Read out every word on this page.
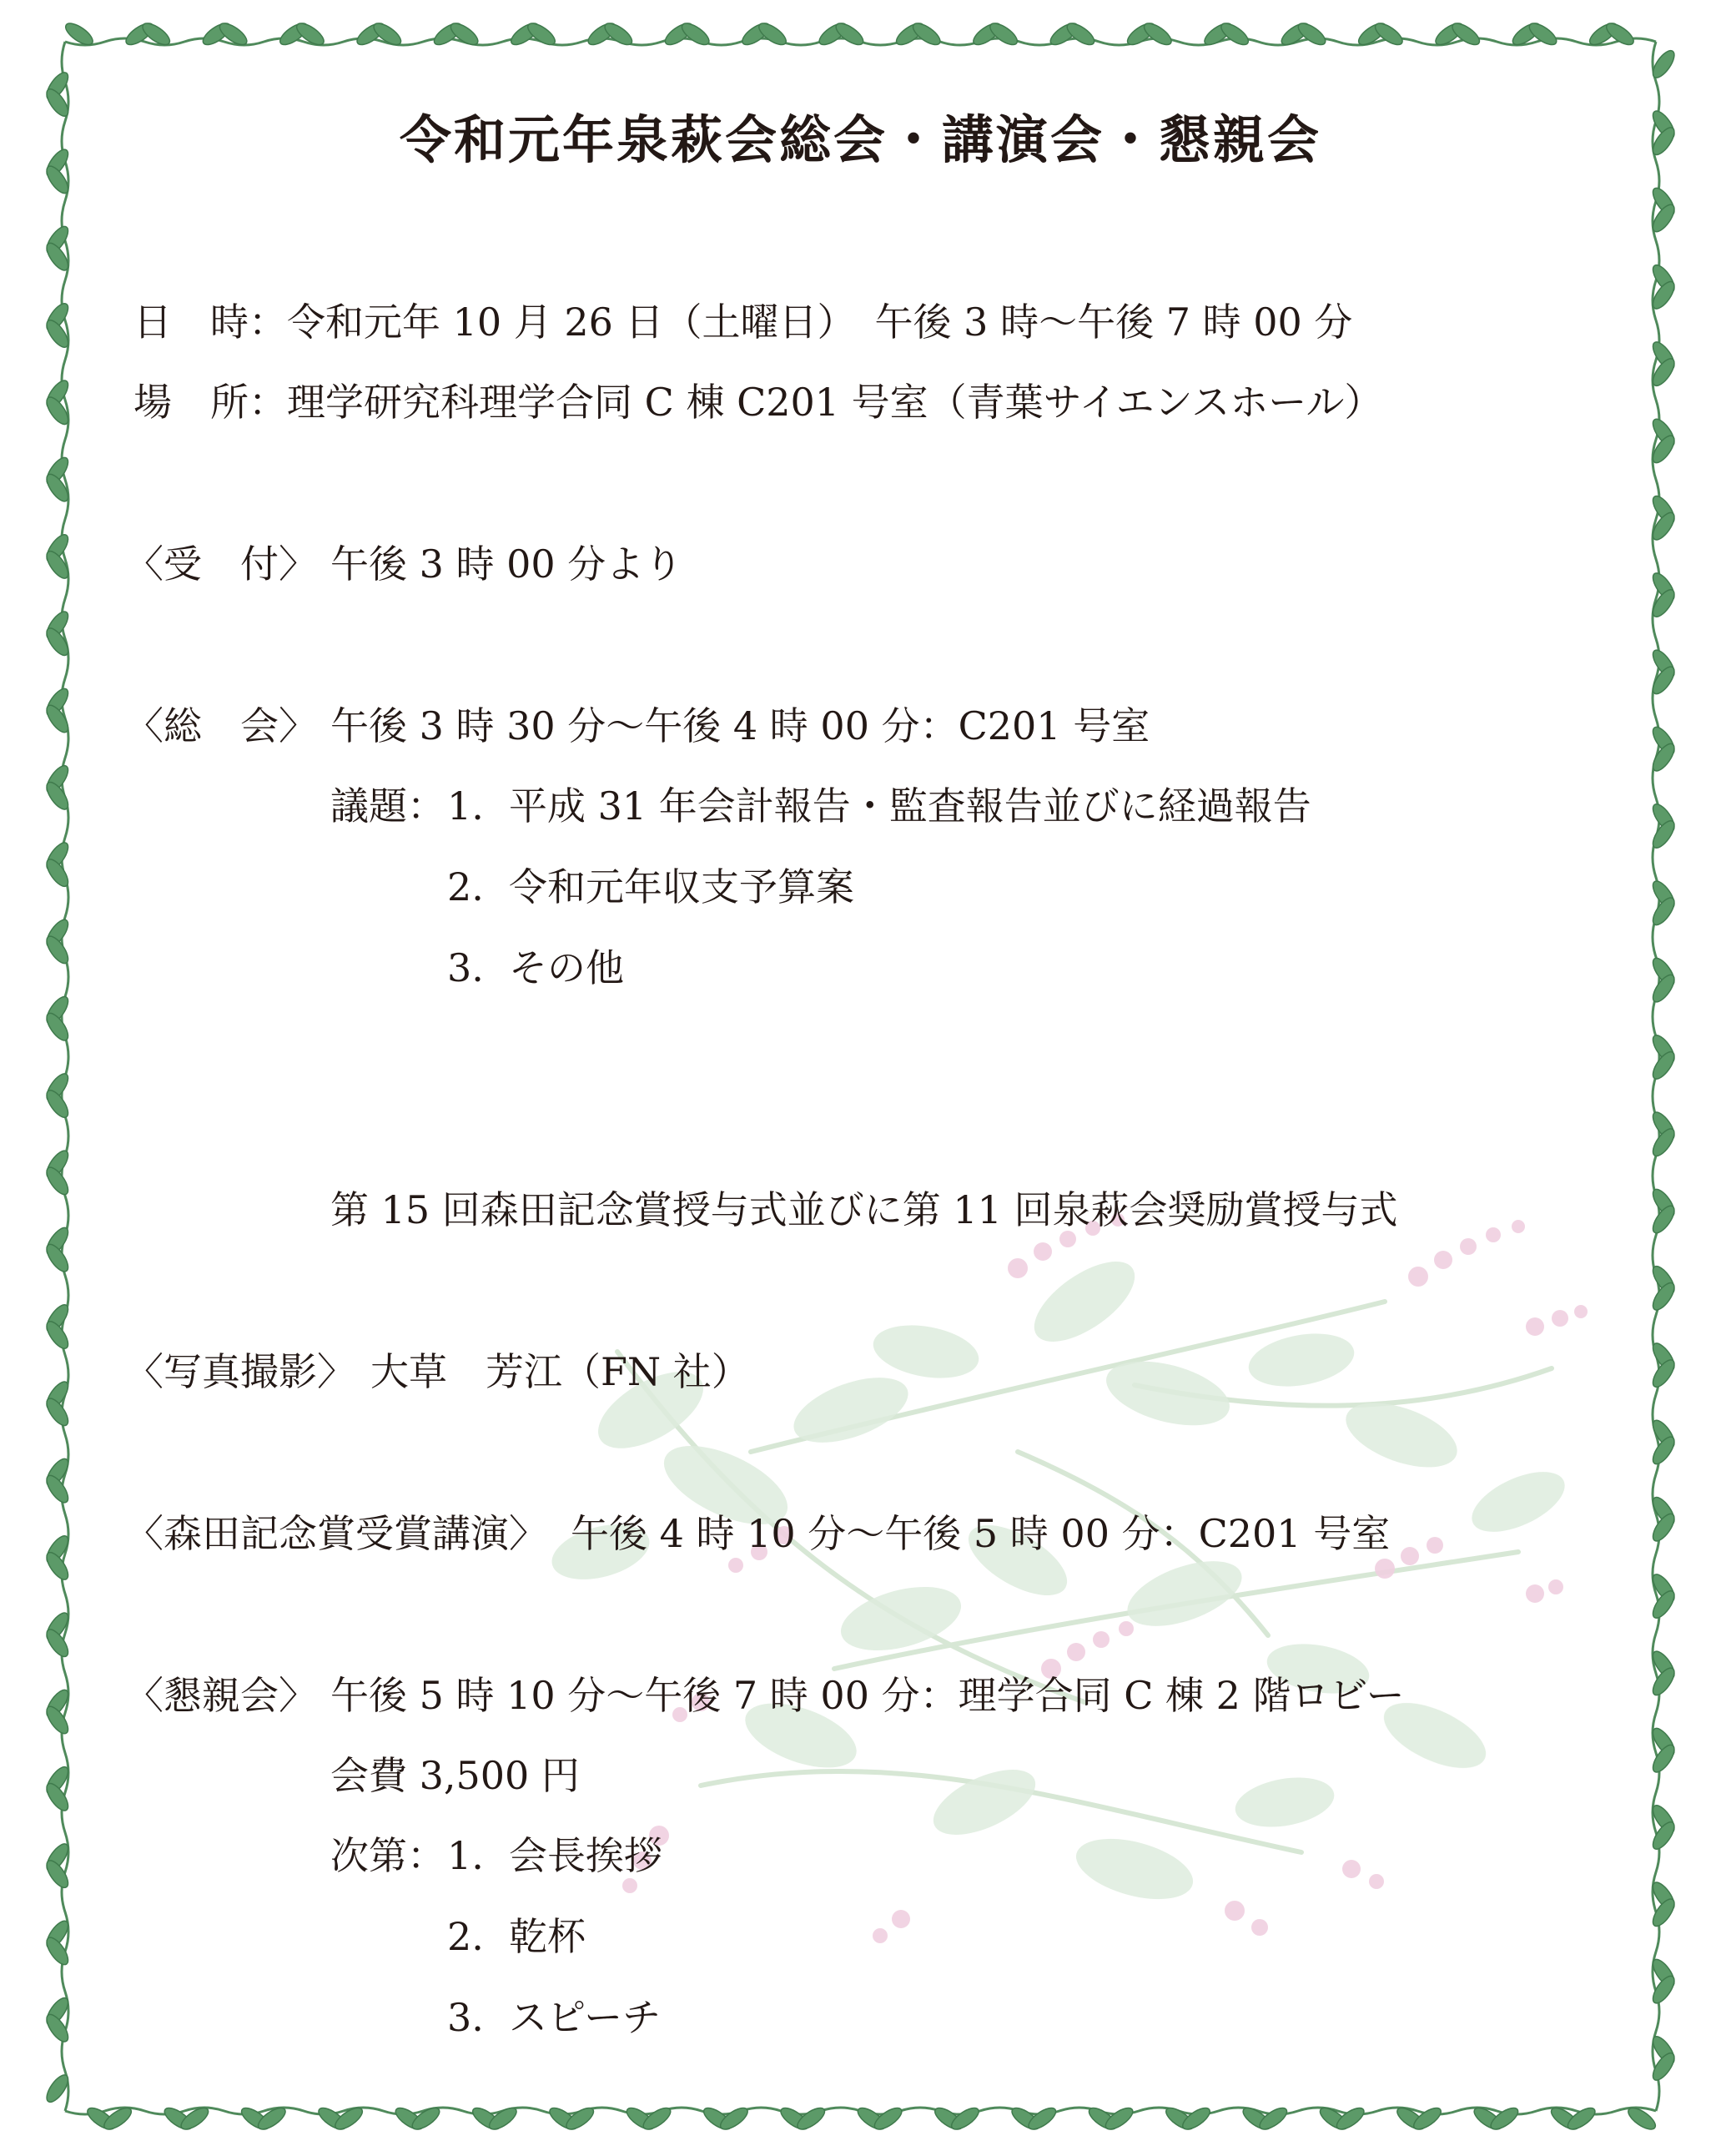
令和元年泉萩会総会・講演会・懇親会
日　時：令和元年 10 月 26 日（土曜日）　午後 3 時～午後 7 時 00 分
場　所：理学研究科理学合同 C 棟 C201 号室（青葉サイエンスホール）
〈受　付〉 午後 3 時 00 分より
〈総　会〉 午後 3 時 30 分～午後 4 時 00 分：C201 号室
議題： 1. 平成 31 年会計報告・監査報告並びに経過報告
2. 令和元年収支予算案
3. その他
第 15 回森田記念賞授与式並びに第 11 回泉萩会奨励賞授与式
〈写真撮影〉 大草　芳江（FN 社）
〈森田記念賞受賞講演〉 午後 4 時 10 分～午後 5 時 00 分：C201 号室
〈懇親会〉 午後 5 時 10 分～午後 7 時 00 分：理学合同 C 棟 2 階ロビー
会費 3,500 円
次第： 1. 会長挨拶
2. 乾杯
3. スピーチ
